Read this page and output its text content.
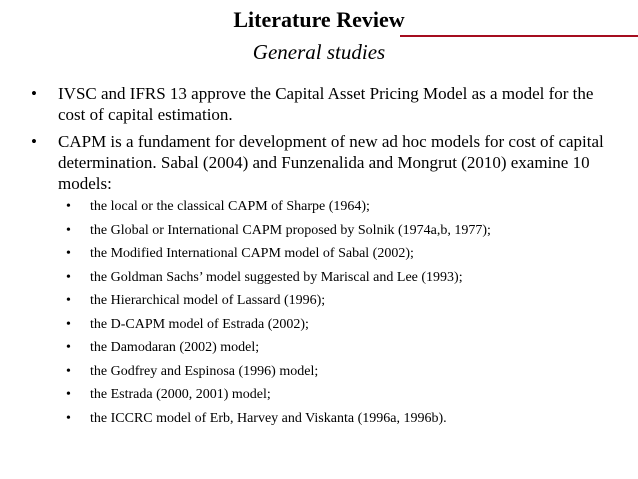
Literature Review
General studies
• IVSC and IFRS 13 approve the Capital Asset Pricing Model as a model for the cost of capital estimation.
• CAPM is a fundament for development of new ad hoc models for cost of capital determination. Sabal (2004) and Funzenalida and Mongrut (2010) examine 10 models:
• the local or the classical CAPM of Sharpe (1964);
• the Global or International CAPM proposed by Solnik (1974a,b, 1977);
• the Modified International CAPM model of Sabal (2002);
• the Goldman Sachs’ model suggested by Mariscal and Lee (1993);
• the Hierarchical model of Lassard (1996);
• the D-CAPM model of Estrada (2002);
• the Damodaran (2002) model;
• the Godfrey and Espinosa (1996) model;
• the Estrada (2000, 2001) model;
• the ICCRC model of Erb, Harvey and Viskanta (1996a, 1996b).
